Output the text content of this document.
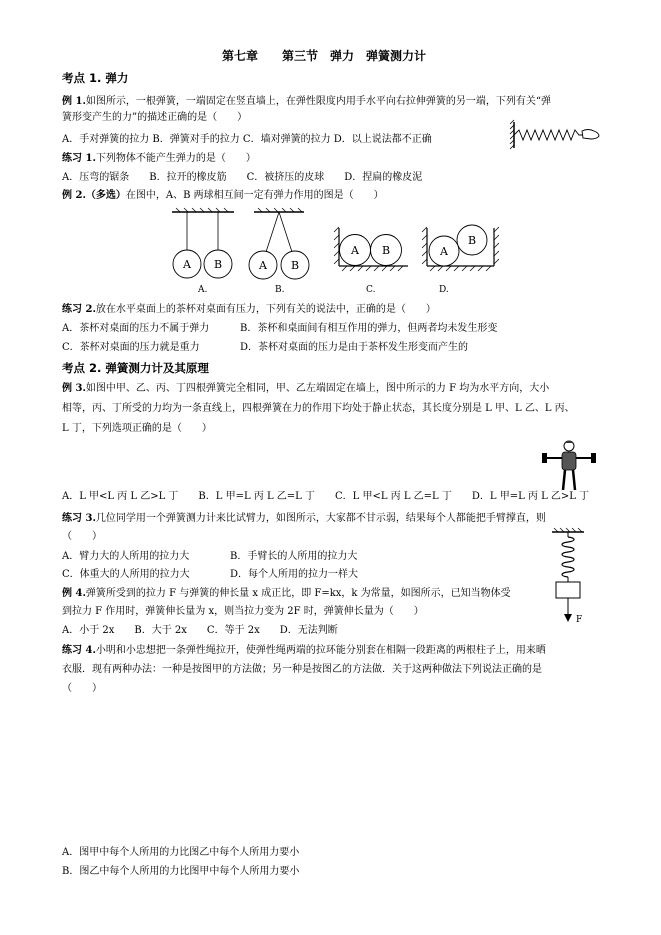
第七章　　第三节　弹力　弹簧测力计
考点 1. 弹力
例 1.如图所示，一根弹簧，一端固定在竖直墙上，在弹性限度内用手水平向右拉伸弹簧的另一端，下列有关“弹
簧形变产生的力”的描述正确的是（　　）
A．手对弹簧的拉力 B．弹簧对手的拉力 C．墙对弹簧的拉力 D．以上说法都不正确
练习 1.下列物体不能产生弹力的是（　　）
A．压弯的锯条　　B．拉开的橡皮筋　　C．被挤压的皮球　　D．捏扁的橡皮泥
例 2.（多选）在图中，A、B 两球相互间一定有弹力作用的图是（　　）
A B
A.
A B
B.
A B
C.
A
B
D.
练习 2.放在水平桌面上的茶杯对桌面有压力，下列有关的说法中，正确的是（　　）
A．茶杯对桌面的压力不属于弹力	B．茶杯和桌面间有相互作用的弹力，但两者均未发生形变
C．茶杯对桌面的压力就是重力	D．茶杯对桌面的压力是由于茶杯发生形变而产生的
考点 2. 弹簧测力计及其原理
例 3.如图中甲、乙、丙、丁四根弹簧完全相同，甲、乙左端固定在墙上，图中所示的力 F 均为水平方向，大小
相等，丙、丁所受的力均为一条直线上，四根弹簧在力的作用下均处于静止状态，其长度分别是 L 甲、L 乙、L 丙、
L 丁，下列选项正确的是（　　）
A．L 甲<L 丙 L 乙>L 丁　　B．L 甲=L 丙 L 乙=L 丁　　C．L 甲<L 丙 L 乙=L 丁　　D．L 甲=L 丙 L 乙>L 丁
练习 3.几位同学用一个弹簧测力计来比试臂力，如图所示，大家都不甘示弱，结果每个人都能把手臂撑直，则
（　　）
A．臂力大的人所用的拉力大	B．手臂长的人所用的拉力大
C．体重大的人所用的拉力大	D．每个人所用的拉力一样大
F
例 4.弹簧所受到的拉力 F 与弹簧的伸长量 x 成正比，即 F=kx，k 为常量，如图所示，已知当物体受
到拉力 F 作用时，弹簧伸长量为 x，则当拉力变为 2F 时，弹簧伸长量为（　　）
A．小于 2x　　B．大于 2x　　C．等于 2x　　D．无法判断
练习 4.小明和小忠想把一条弹性绳拉开，使弹性绳两端的拉环能分别套在相隔一段距离的两根柱子上，用来晒
衣服．现有两种办法：一种是按图甲的方法做；另一种是按图乙的方法做．关于这两种做法下列说法正确的是
（　　）
A．图甲中每个人所用的力比图乙中每个人所用力要小
B．图乙中每个人所用的力比图甲中每个人所用力要小
